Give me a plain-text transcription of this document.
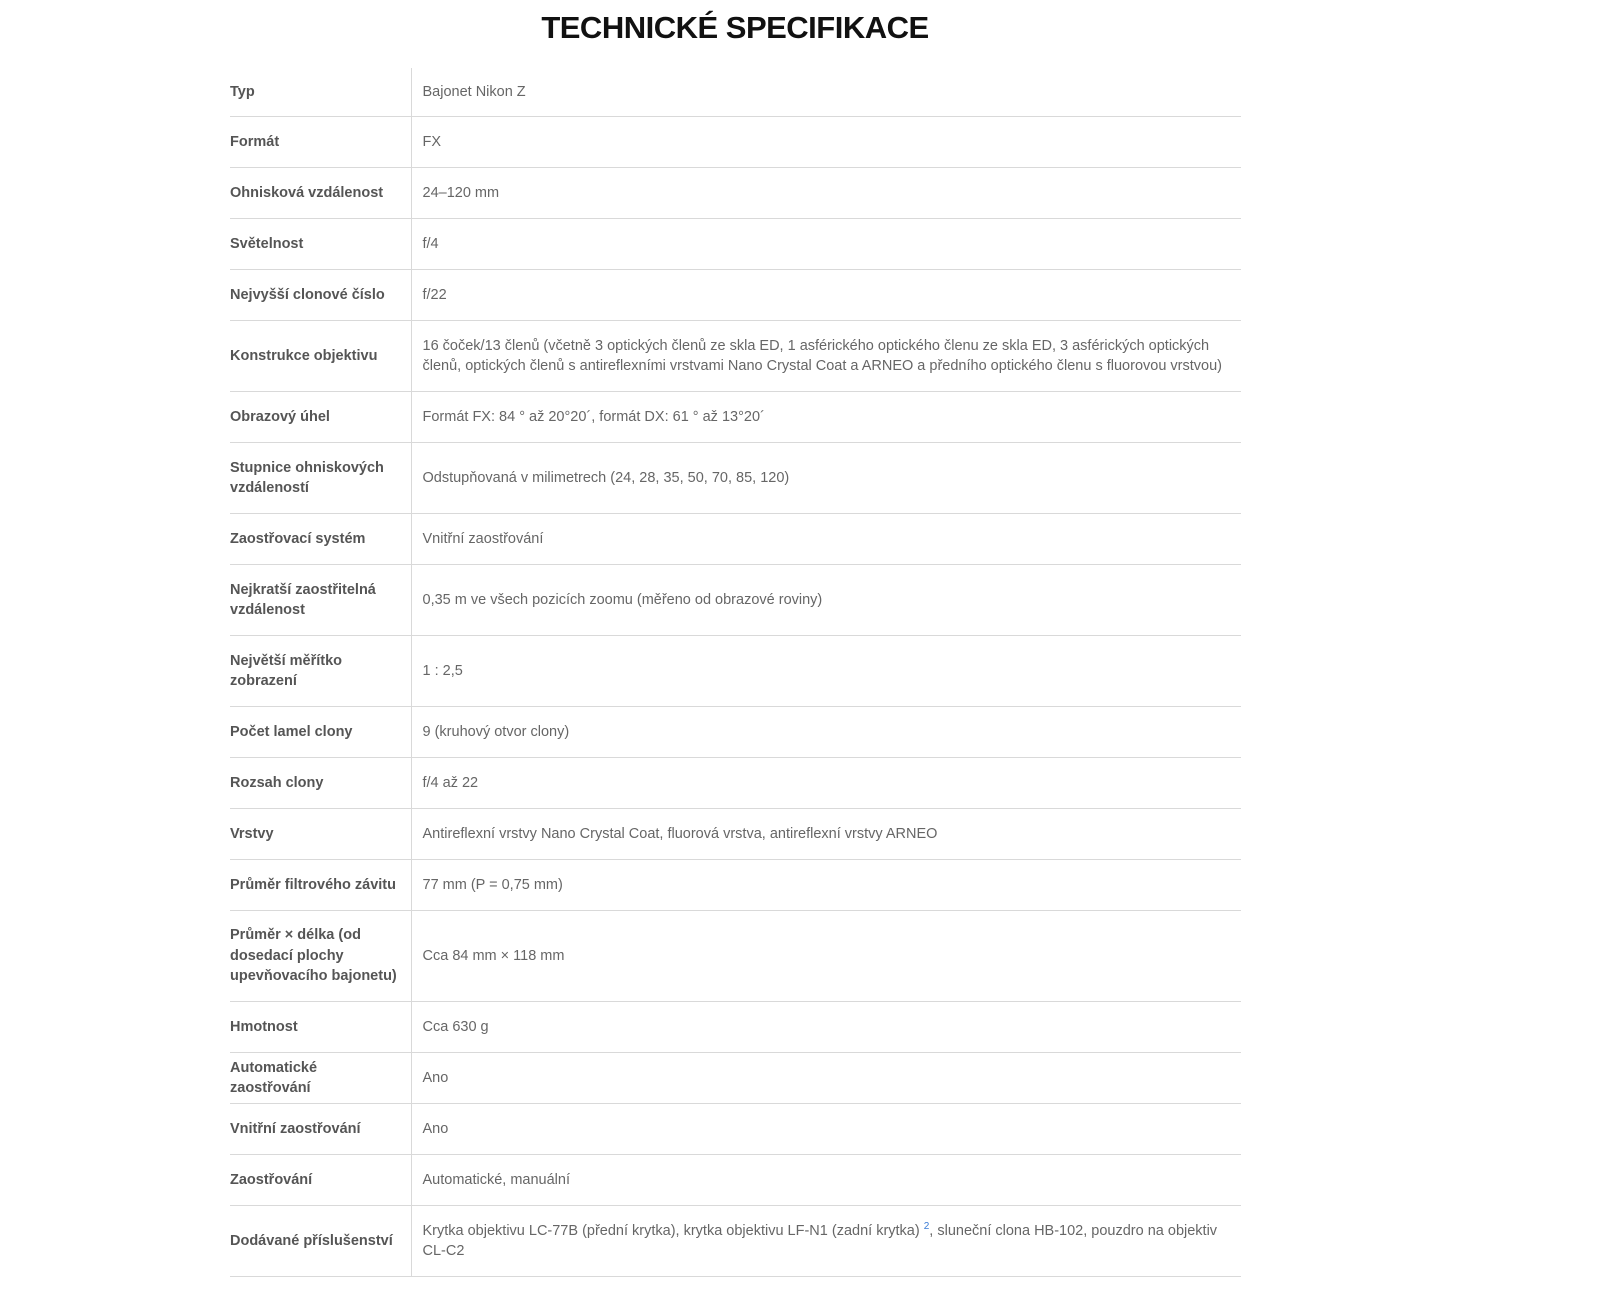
TECHNICKÉ SPECIFIKACE
Typ	Bajonet Nikon Z
Formát	FX
Ohnisková vzdálenost	24–120 mm
Světelnost	f/4
Nejvyšší clonové číslo	f/22
Konstrukce objektivu	16 čoček/13 členů (včetně 3 optických členů ze skla ED, 1 asférického optického členu ze skla ED, 3 asférických optických členů, optických členů s antireflexními vrstvami Nano Crystal Coat a ARNEO a předního optického členu s fluorovou vrstvou)
Obrazový úhel	Formát FX: 84 ° až 20°20´, formát DX: 61 ° až 13°20´
Stupnice ohniskových vzdáleností	Odstupňovaná v milimetrech (24, 28, 35, 50, 70, 85, 120)
Zaostřovací systém	Vnitřní zaostřování
Nejkratší zaostřitelná vzdálenost	0,35 m ve všech pozicích zoomu (měřeno od obrazové roviny)
Největší měřítko zobrazení	1 : 2,5
Počet lamel clony	9 (kruhový otvor clony)
Rozsah clony	f/4 až 22
Vrstvy	Antireflexní vrstvy Nano Crystal Coat, fluorová vrstva, antireflexní vrstvy ARNEO
Průměr filtrového závitu	77 mm (P = 0,75 mm)
Průměr × délka (od dosedací plochy upevňovacího bajonetu)	Cca 84 mm × 118 mm
Hmotnost	Cca 630 g
Automatické zaostřování	Ano
Vnitřní zaostřování	Ano
Zaostřování	Automatické, manuální
Dodávané příslušenství	Krytka objektivu LC-77B (přední krytka), krytka objektivu LF-N1 (zadní krytka) $^2$, sluneční clona HB-102, pouzdro na objektiv CL-C2
